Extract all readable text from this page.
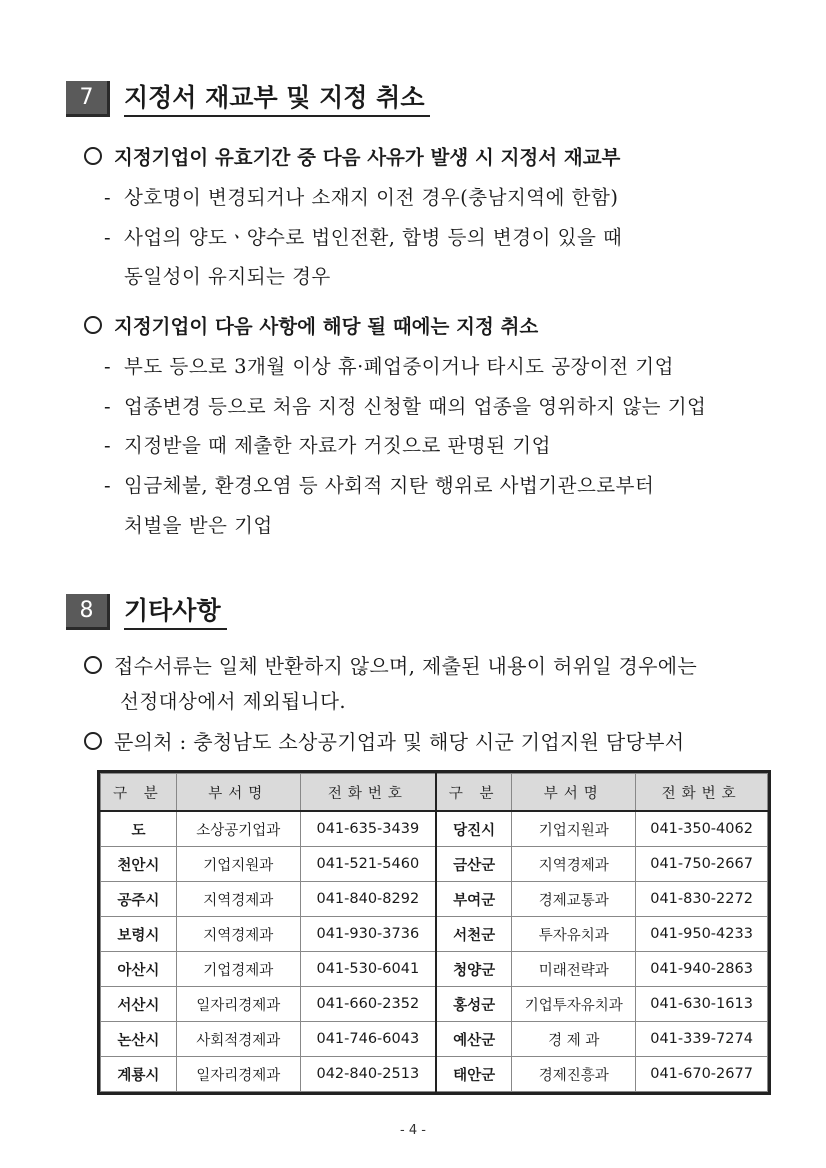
7	지정서 재교부 및 지정 취소
지정기업이 유효기간 중 다음 사유가 발생 시 지정서 재교부
- 상호명이 변경되거나 소재지 이전 경우(충남지역에 한함)
- 사업의 양도ㆍ양수로 법인전환, 합병 등의 변경이 있을 때
동일성이 유지되는 경우
지정기업이 다음 사항에 해당 될 때에는 지정 취소
- 부도 등으로 3개월 이상 휴·폐업중이거나 타시도 공장이전 기업
- 업종변경 등으로 처음 지정 신청할 때의 업종을 영위하지 않는 기업
- 지정받을 때 제출한 자료가 거짓으로 판명된 기업
- 임금체불, 환경오염 등 사회적 지탄 행위로 사법기관으로부터
처벌을 받은 기업
8	기타사항
접수서류는 일체 반환하지 않으며, 제출된 내용이 허위일 경우에는
선정대상에서 제외됩니다.
문의처 : 충청남도 소상공기업과 및 해당 시군 기업지원 담당부서
구 분	부서명	전화번호	구 분	부서명	전화번호
도	소상공기업과	041-635-3439	당진시	기업지원과	041-350-4062
천안시	기업지원과	041-521-5460	금산군	지역경제과	041-750-2667
공주시	지역경제과	041-840-8292	부여군	경제교통과	041-830-2272
보령시	지역경제과	041-930-3736	서천군	투자유치과	041-950-4233
아산시	기업경제과	041-530-6041	청양군	미래전략과	041-940-2863
서산시	일자리경제과	041-660-2352	홍성군	기업투자유치과	041-630-1613
논산시	사회적경제과	041-746-6043	예산군	경 제 과	041-339-7274
계룡시	일자리경제과	042-840-2513	태안군	경제진흥과	041-670-2677
- 4 -
